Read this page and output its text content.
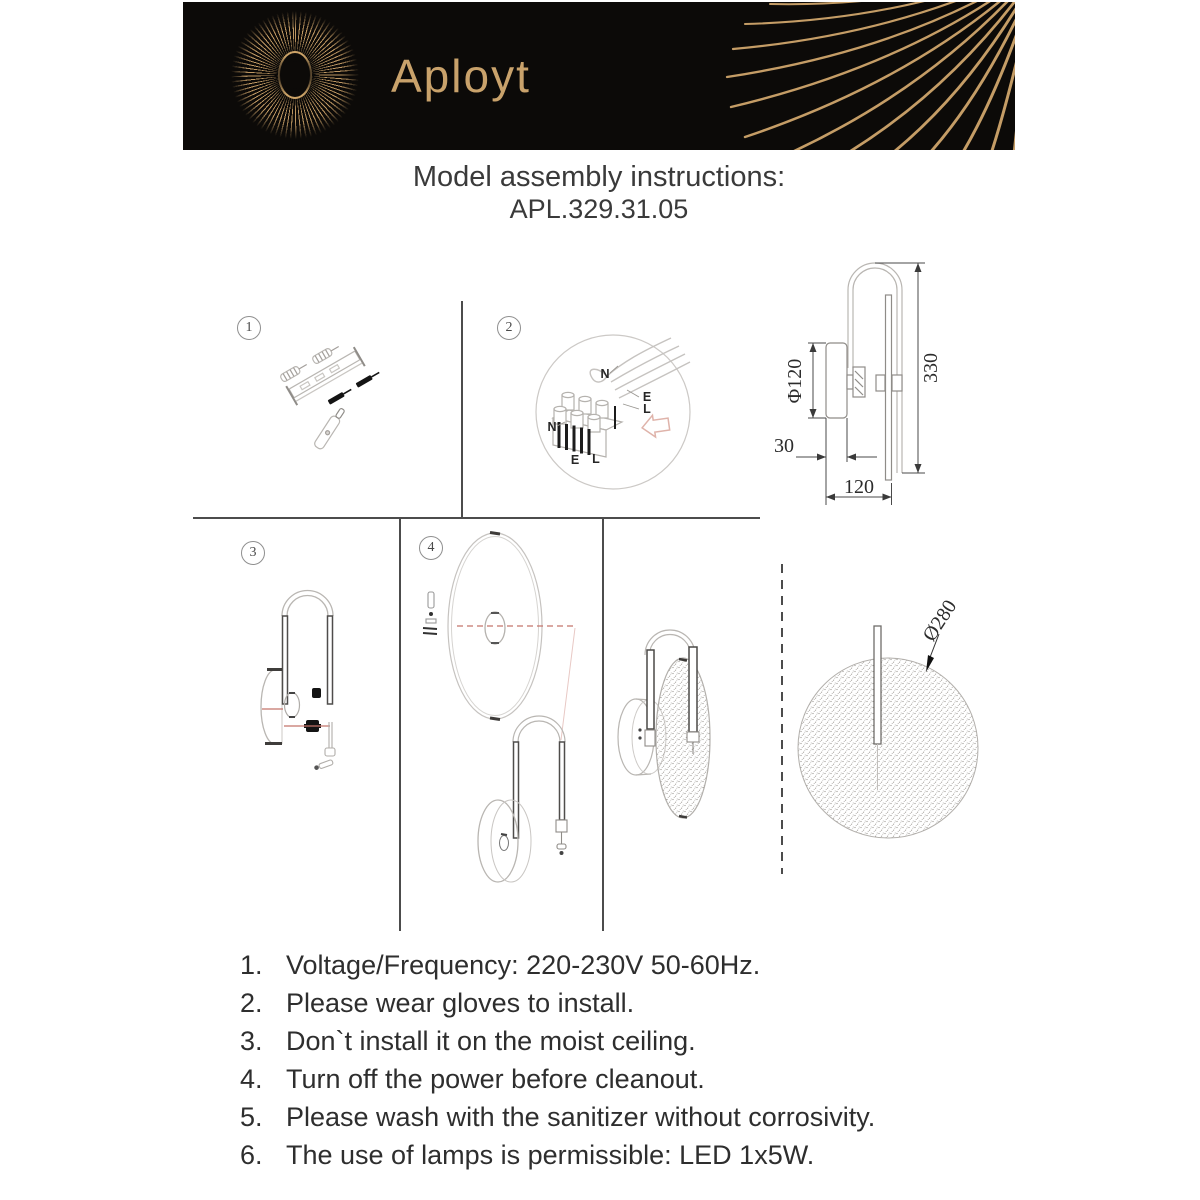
Aployt
Model assembly instructions:
APL.329.31.05
1	2
3	4
N
E
L
N
E L
Φ120	330
30
120
Ø280
1. Voltage/Frequency: 220-230V 50-60Hz.
2. Please wear gloves to install.
3. Don`t install it on the moist ceiling.
4. Turn off the power before cleanout.
5. Please wash with the sanitizer without corrosivity.
6. The use of lamps is permissible: LED 1x5W.
